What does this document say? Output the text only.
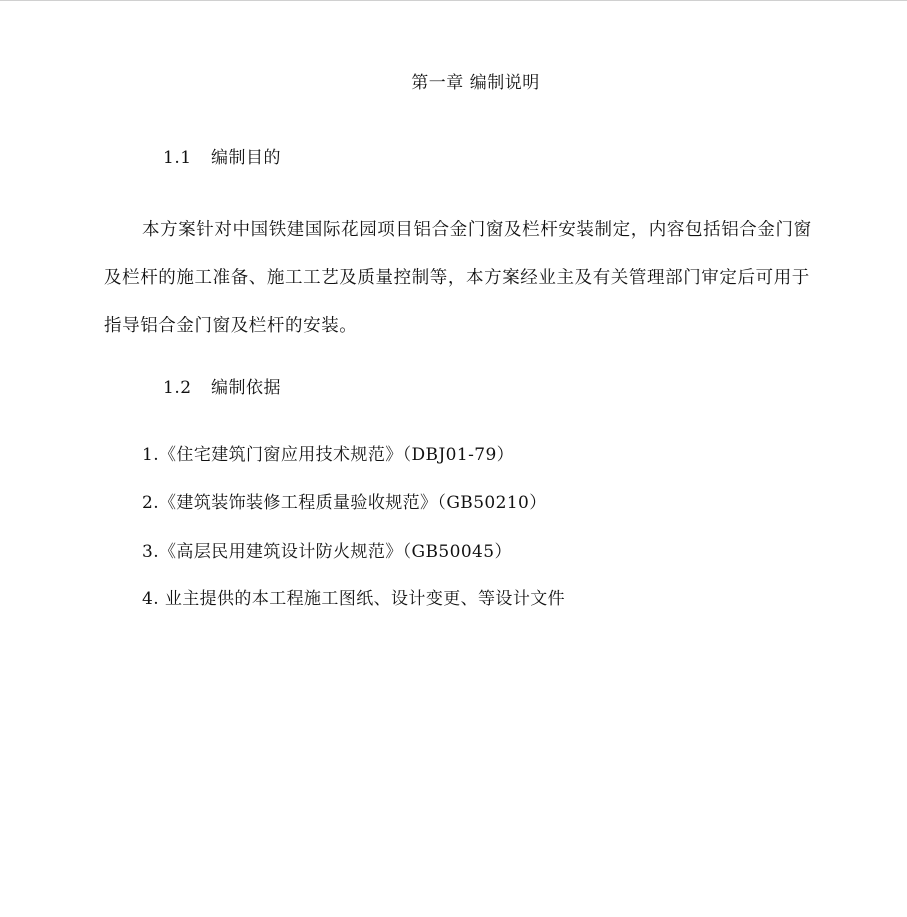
第一章 编制说明
1.1 编制目的
本方案针对中国铁建国际花园项目铝合金门窗及栏杆安装制定，内容包括铝合金门窗及栏杆的施工准备、施工工艺及质量控制等，本方案经业主及有关管理部门审定后可用于指导铝合金门窗及栏杆的安装。
1.2 编制依据
1.《住宅建筑门窗应用技术规范》（DBJ01-79）
2.《建筑装饰装修工程质量验收规范》（GB50210）
3.《高层民用建筑设计防火规范》（GB50045）
4. 业主提供的本工程施工图纸、设计变更、等设计文件
